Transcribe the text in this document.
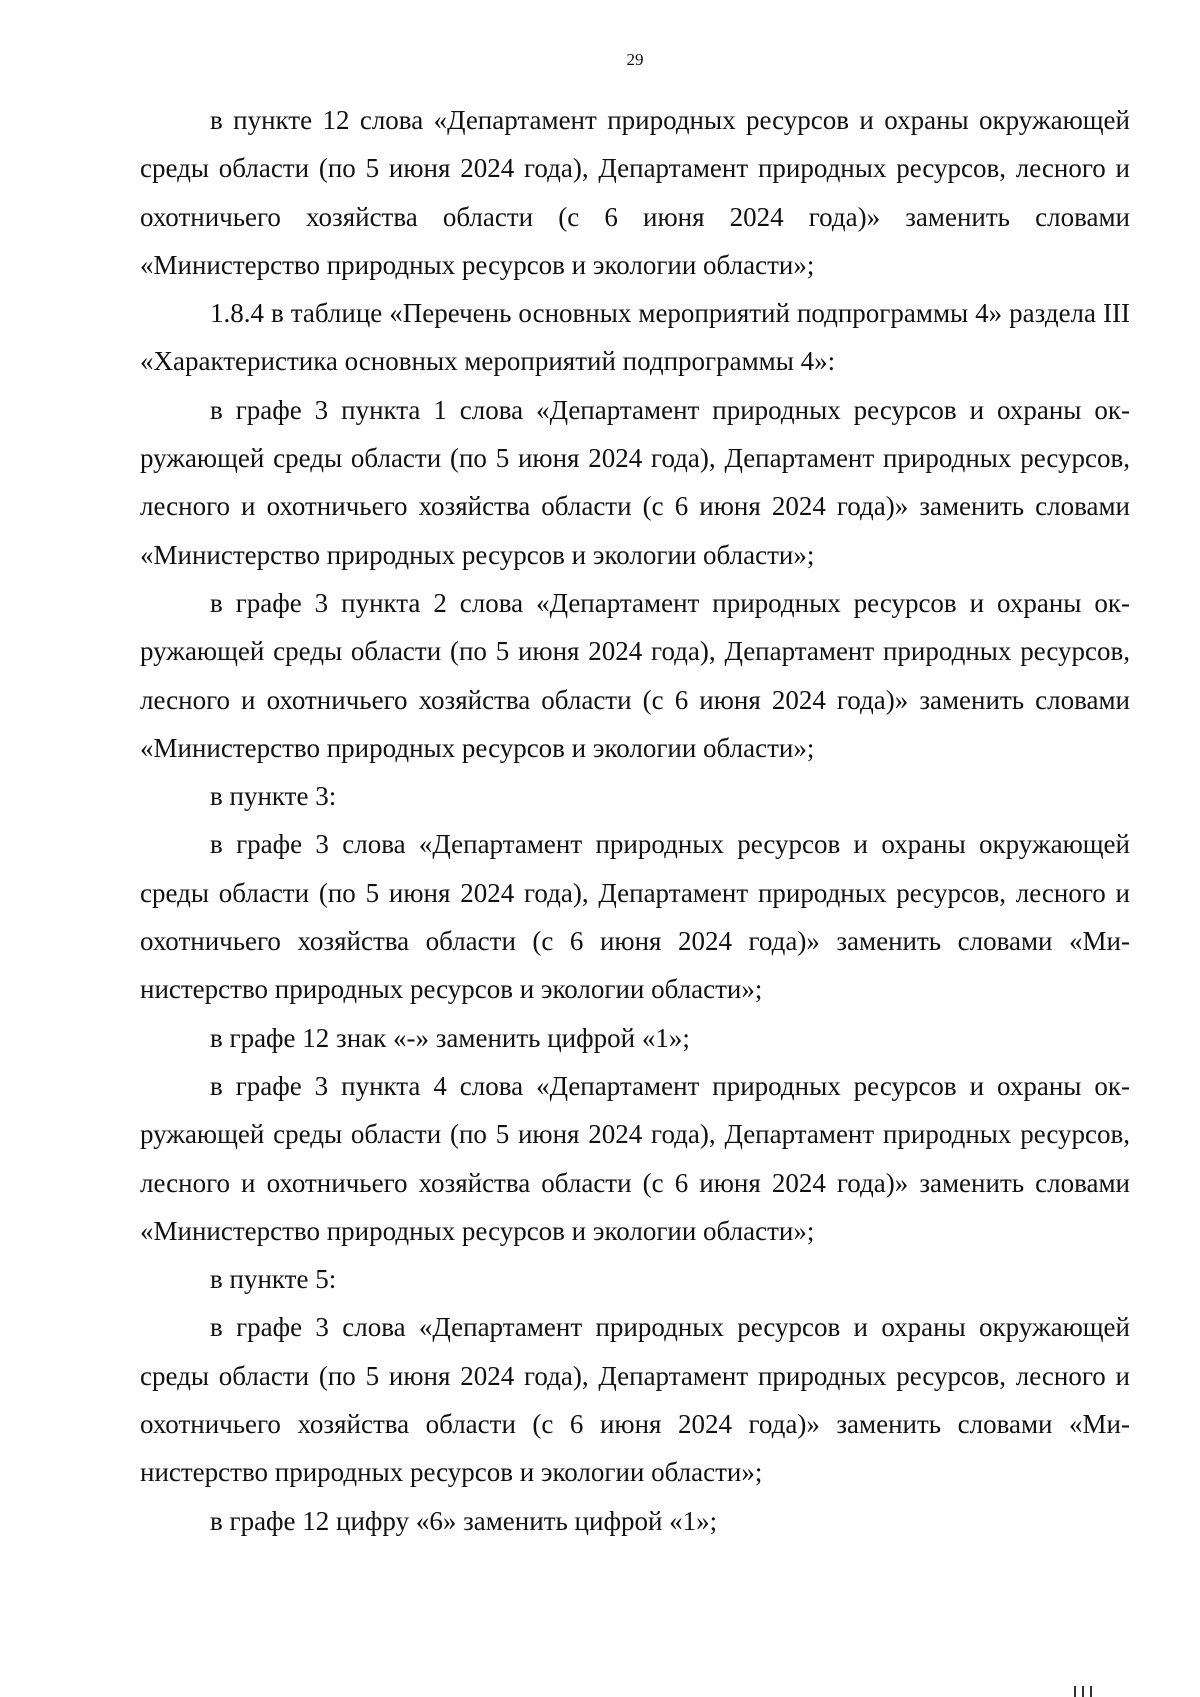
29

в пункте 12 слова «Департамент природных ресурсов и охраны окружающей среды области (по 5 июня 2024 года), Департамент природных ресурсов, лесного и охотничьего хозяйства области (с 6 июня 2024 года)» заменить словами «Министерство природных ресурсов и экологии области»;

1.8.4 в таблице «Перечень основных мероприятий подпрограммы 4» раздела III «Характеристика основных мероприятий подпрограммы 4»:

в графе 3 пункта 1 слова «Департамент природных ресурсов и охраны окружающей среды области (по 5 июня 2024 года), Департамент природных ресурсов, лесного и охотничьего хозяйства области (с 6 июня 2024 года)» заменить словами «Министерство природных ресурсов и экологии области»;

в графе 3 пункта 2 слова «Департамент природных ресурсов и охраны окружающей среды области (по 5 июня 2024 года), Департамент природных ресурсов, лесного и охотничьего хозяйства области (с 6 июня 2024 года)» заменить словами «Министерство природных ресурсов и экологии области»;

в пункте 3:

в графе 3 слова «Департамент природных ресурсов и охраны окружающей среды области (по 5 июня 2024 года), Департамент природных ресурсов, лесного и охотничьего хозяйства области (с 6 июня 2024 года)» заменить словами «Министерство природных ресурсов и экологии области»;

в графе 12 знак «-» заменить цифрой «1»;

в графе 3 пункта 4 слова «Департамент природных ресурсов и охраны окружающей среды области (по 5 июня 2024 года), Департамент природных ресурсов, лесного и охотничьего хозяйства области (с 6 июня 2024 года)» заменить словами «Министерство природных ресурсов и экологии области»;

в пункте 5:

в графе 3 слова «Департамент природных ресурсов и охраны окружающей среды области (по 5 июня 2024 года), Департамент природных ресурсов, лесного и охотничьего хозяйства области (с 6 июня 2024 года)» заменить словами «Министерство природных ресурсов и экологии области»;

в графе 12 цифру «6» заменить цифрой «1»;
